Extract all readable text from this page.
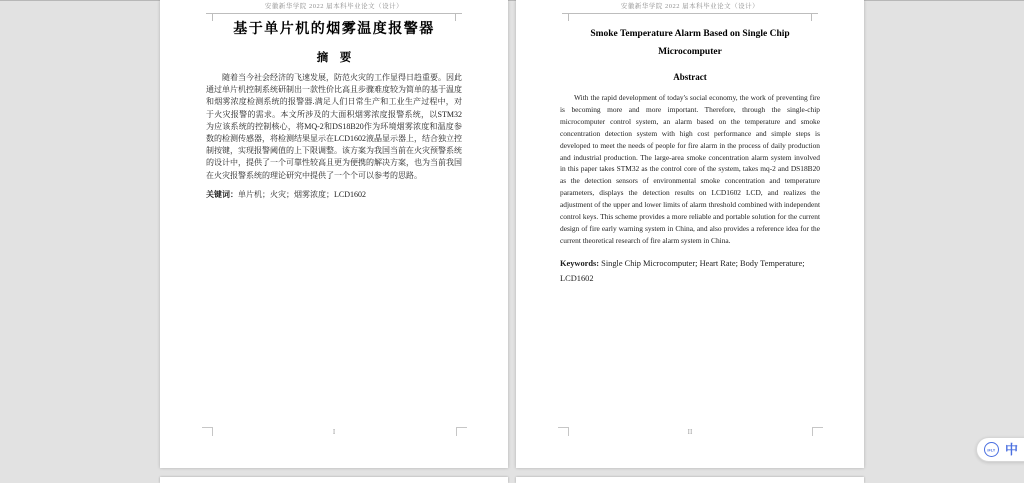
安徽新华学院 2022 届本科毕业论文（设计）
基于单片机的烟雾温度报警器
摘　要

随着当今社会经济的飞速发展，防范火灾的工作显得日趋重要。因此通过单片机控制系统研制出一款性价比高且步骤难度较为简单的基于温度和烟雾浓度检测系统的报警器.满足人们日常生产和工业生产过程中，对于火灾报警的需求。本文所涉及的大面积烟雾浓度报警系统，以STM32为应该系统的控制核心，将MQ-2和DS18B20作为环境烟雾浓度和温度参数的检测传感器，将检测结果显示在LCD1602液晶显示器上，结合独立控制按键，实现报警阈值的上下限调整。该方案为我国当前在火灾预警系统的设计中，提供了一个可靠性较高且更为便携的解决方案，也为当前我国在火灾报警系统的理论研究中提供了一个个可以参考的思路。

关键词：单片机；火灾；烟雾浓度；LCD1602

I
安徽新华学院 2022 届本科毕业论文（设计）
Smoke Temperature Alarm Based on Single Chip
Microcomputer
Abstract

With the rapid development of today's social economy, the work of preventing fire is becoming more and more important. Therefore, through the single-chip microcomputer control system, an alarm based on the temperature and smoke concentration detection system with high cost performance and simple steps is developed to meet the needs of people for fire alarm in the process of daily production and industrial production. The large-area smoke concentration alarm system involved in this paper takes STM32 as the control core of the system, takes mq-2 and DS18B20 as the detection sensors of environmental smoke concentration and temperature parameters, displays the detection results on LCD1602 LCD, and realizes the adjustment of the upper and lower limits of alarm threshold combined with independent control keys. This scheme provides a more reliable and portable solution for the current design of fire early warning system in China, and also provides a reference idea for the current theoretical research of fire alarm system in China.

Keywords: Single Chip Microcomputer; Heart Rate; Body Temperature; LCD1602

II
iFLY 中
